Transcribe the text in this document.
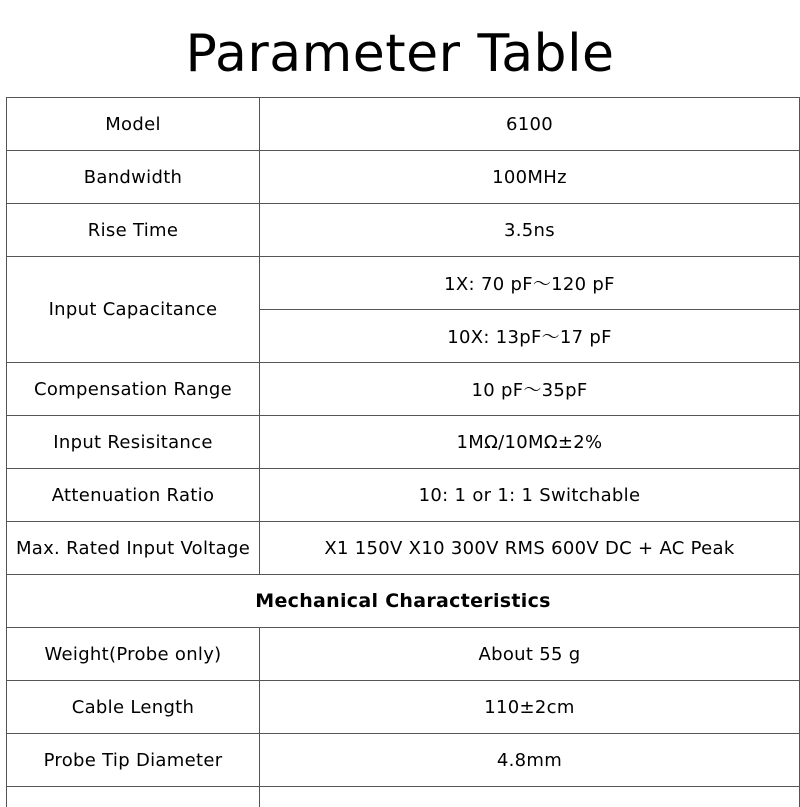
Parameter Table
Model	6100
Bandwidth	100MHz
Rise Time	3.5ns
Input Capacitance	1X: 70 pF～120 pF
	10X: 13pF～17 pF
Compensation Range	10 pF～35pF
Input Resisitance	1MΩ/10MΩ±2%
Attenuation Ratio	10: 1 or 1: 1 Switchable
Max. Rated Input Voltage	X1 150V X10 300V RMS 600V DC + AC Peak
Mechanical Characteristics	
Weight(Probe only)	About 55 g
Cable Length	110±2cm
Probe Tip Diameter	4.8mm
